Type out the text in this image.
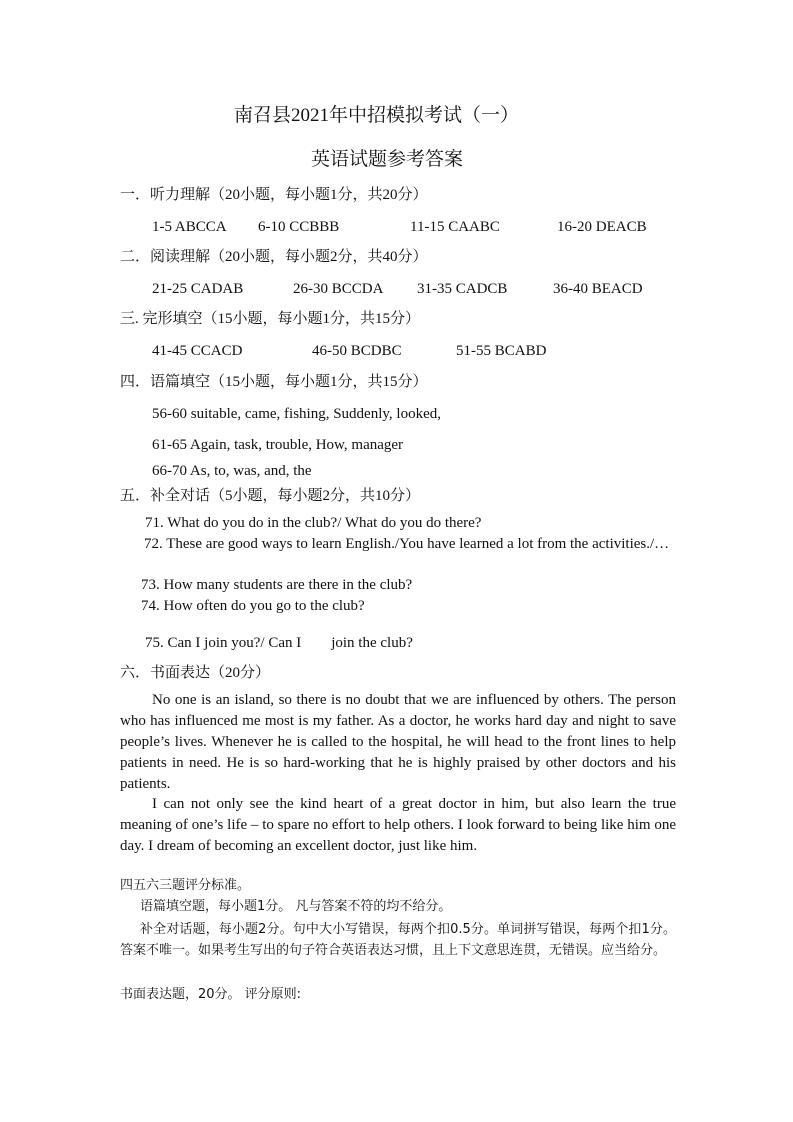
南召县2021年中招模拟考试（一）
英语试题参考答案
一．听力理解（20小题，每小题1分，共20分）
1-5 ABCCA 6-10 CCBBB	11-15 CAABC	16-20 DEACB
二．阅读理解（20小题，每小题2分，共40分）
21-25 CADAB	26-30 BCCDA 31-35 CADCB	36-40 BEACD
三. 完形填空（15小题，每小题1分，共15分）
41-45 CCACD	46-50 BCDBC	51-55 BCABD
四．语篇填空（15小题，每小题1分，共15分）
56-60 suitable, came, fishing, Suddenly, looked,
61-65 Again, task, trouble, How, manager
66-70 As, to, was, and, the
五．补全对话（5小题，每小题2分，共10分）
71. What do you do in the club?/ What do you do there?
72. These are good ways to learn English./You have learned a lot from the activities./…
73. How many students are there in the club?
74. How often do you go to the club?
75. Can I join you?/ Can I        join the club?
六．书面表达（20分）
No one is an island, so there is no doubt that we are influenced by others. The person who has influenced me most is my father. As a doctor, he works hard day and night to save people’s lives. Whenever he is called to the hospital, he will head to the front lines to help patients in need. He is so hard-working that he is highly praised by other doctors and his patients.
I can not only see the kind heart of a great doctor in him, but also learn the true meaning of one’s life – to spare no effort to help others. I look forward to being like him one day. I dream of becoming an excellent doctor, just like him.
四五六三题评分标准。
语篇填空题，每小题1分。 凡与答案不符的均不给分。
补全对话题，每小题2分。句中大小写错误，每两个扣0.5分。单词拼写错误，每两个扣1分。答案不唯一。如果考生写出的句子符合英语表达习惯，且上下文意思连贯，无错误。应当给分。
书面表达题，20分。 评分原则:
